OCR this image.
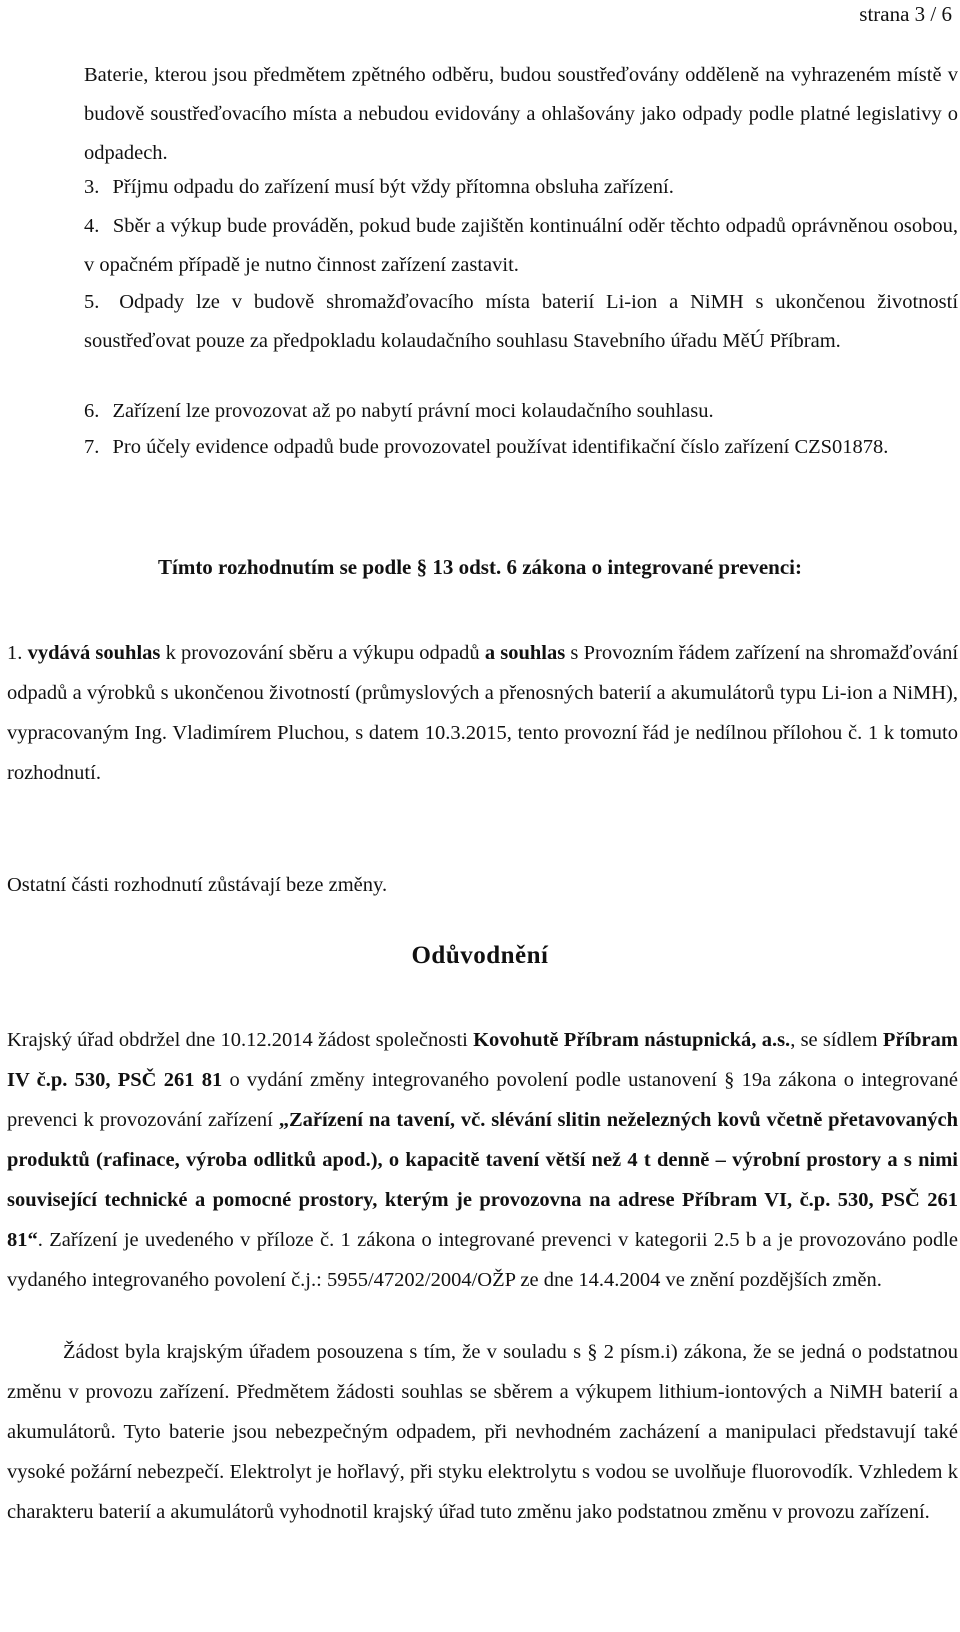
strana 3 / 6

Baterie, kterou jsou předmětem zpětného odběru, budou soustřeďovány odděleně na vyhrazeném místě v budově soustřeďovacího místa a nebudou evidovány a ohlašovány jako odpady podle platné legislativy o odpadech.

3. Příjmu odpadu do zařízení musí být vždy přítomna obsluha zařízení.
4. Sběr a výkup bude prováděn, pokud bude zajištěn kontinuální oděr těchto odpadů oprávněnou osobou, v opačném případě je nutno činnost zařízení zastavit.
5. Odpady lze v budově shromažďovacího místa baterií Li-ion a NiMH s ukončenou životností soustřeďovat pouze za předpokladu kolaudačního souhlasu Stavebního úřadu MěÚ Příbram.
6. Zařízení lze provozovat až po nabytí právní moci kolaudačního souhlasu.
7. Pro účely evidence odpadů bude provozovatel používat identifikační číslo zařízení CZS01878.
Tímto rozhodnutím se podle § 13 odst. 6 zákona o integrované prevenci:

1. vydává souhlas k provozování sběru a výkupu odpadů a souhlas s Provozním řádem zařízení na shromažďování odpadů a výrobků s ukončenou životností (průmyslových a přenosných baterií a akumulátorů typu Li-ion a NiMH), vypracovaným Ing. Vladimírem Pluchou, s datem 10.3.2015, tento provozní řád je nedílnou přílohou č. 1 k tomuto rozhodnutí.

Ostatní části rozhodnutí zůstávají beze změny.

Odůvodnění

Krajský úřad obdržel dne 10.12.2014 žádost společnosti Kovohutě Příbram nástupnická, a.s., se sídlem Příbram IV č.p. 530, PSČ 261 81 o vydání změny integrovaného povolení podle ustanovení § 19a zákona o integrované prevenci k provozování zařízení „Zařízení na tavení, vč. slévání slitin neželezných kovů včetně přetavovaných produktů (rafinace, výroba odlitků apod.), o kapacitě tavení větší než 4 t denně – výrobní prostory a s nimi související technické a pomocné prostory, kterým je provozovna na adrese Příbram VI, č.p. 530, PSČ 261 81“. Zařízení je uvedeného v příloze č. 1 zákona o integrované prevenci v kategorii 2.5 b a je provozováno podle vydaného integrovaného povolení č.j.: 5955/47202/2004/OŽP ze dne 14.4.2004 ve znění pozdějších změn.

Žádost byla krajským úřadem posouzena s tím, že v souladu s § 2 písm.i) zákona, že se jedná o podstatnou změnu v provozu zařízení. Předmětem žádosti souhlas se sběrem a výkupem lithium-iontových a NiMH baterií a akumulátorů. Tyto baterie jsou nebezpečným odpadem, při nevhodném zacházení a manipulaci představují také vysoké požární nebezpečí. Elektrolyt je hořlavý, při styku elektrolytu s vodou se uvolňuje fluorovodík. Vzhledem k charakteru baterií a akumulátorů vyhodnotil krajský úřad tuto změnu jako podstatnou změnu v provozu zařízení.
